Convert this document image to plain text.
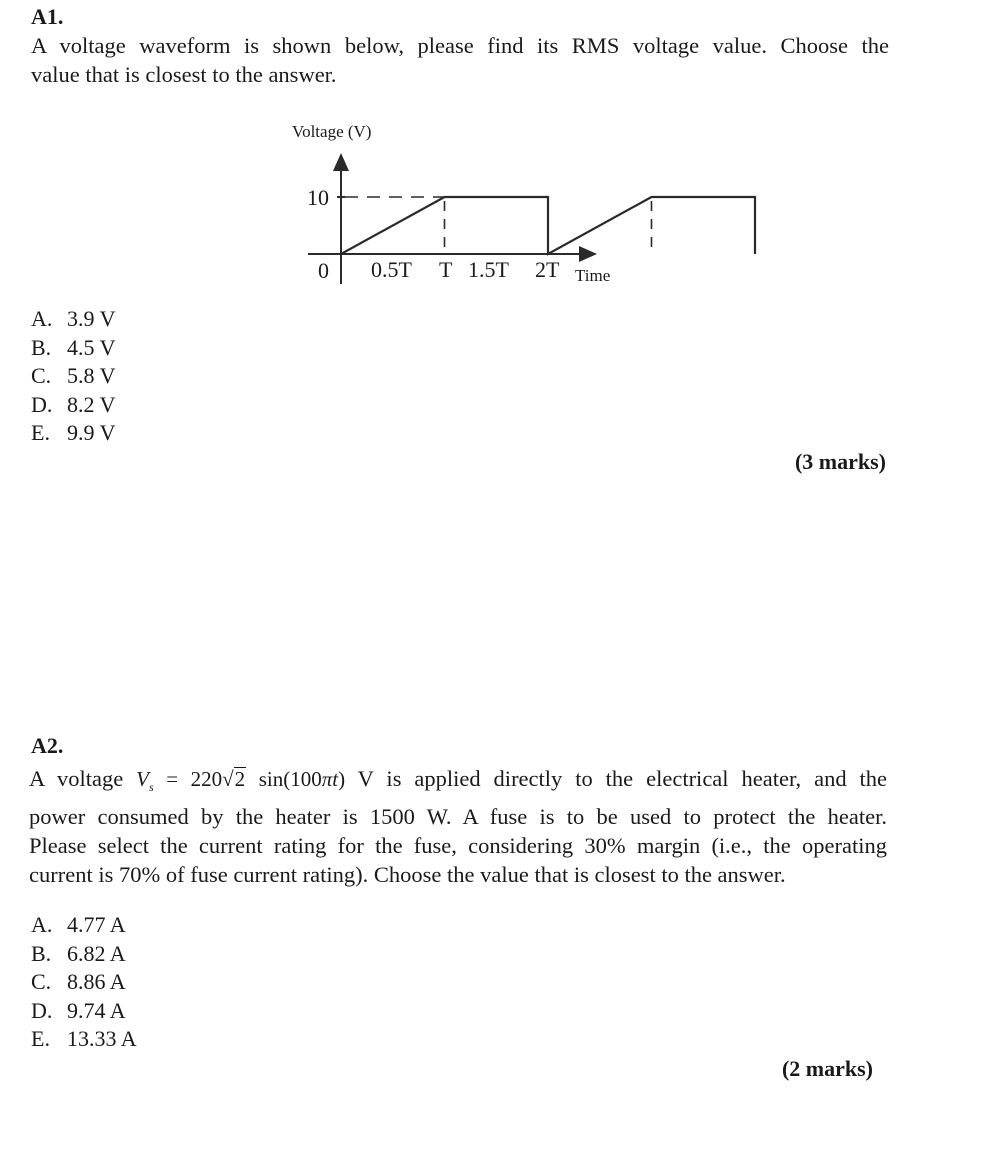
A1.
A voltage waveform is shown below, please find its RMS voltage value. Choose the
value that is closest to the answer.
Voltage (V)
10
0 0.5T T 1.5T 2T Time
A. 3.9 V
B. 4.5 V
C. 5.8 V
D. 8.2 V
E. 9.9 V
(3 marks)
A2.
A voltage $V_s = 220√2$ sin(100πt) V is applied directly to the electrical heater, and the
power consumed by the heater is 1500 W. A fuse is to be used to protect the heater.
Please select the current rating for the fuse, considering 30% margin (i.e., the operating
current is 70% of fuse current rating). Choose the value that is closest to the answer.
A. 4.77 A
B. 6.82 A
C. 8.86 A
D. 9.74 A
E. 13.33 A
(2 marks)
